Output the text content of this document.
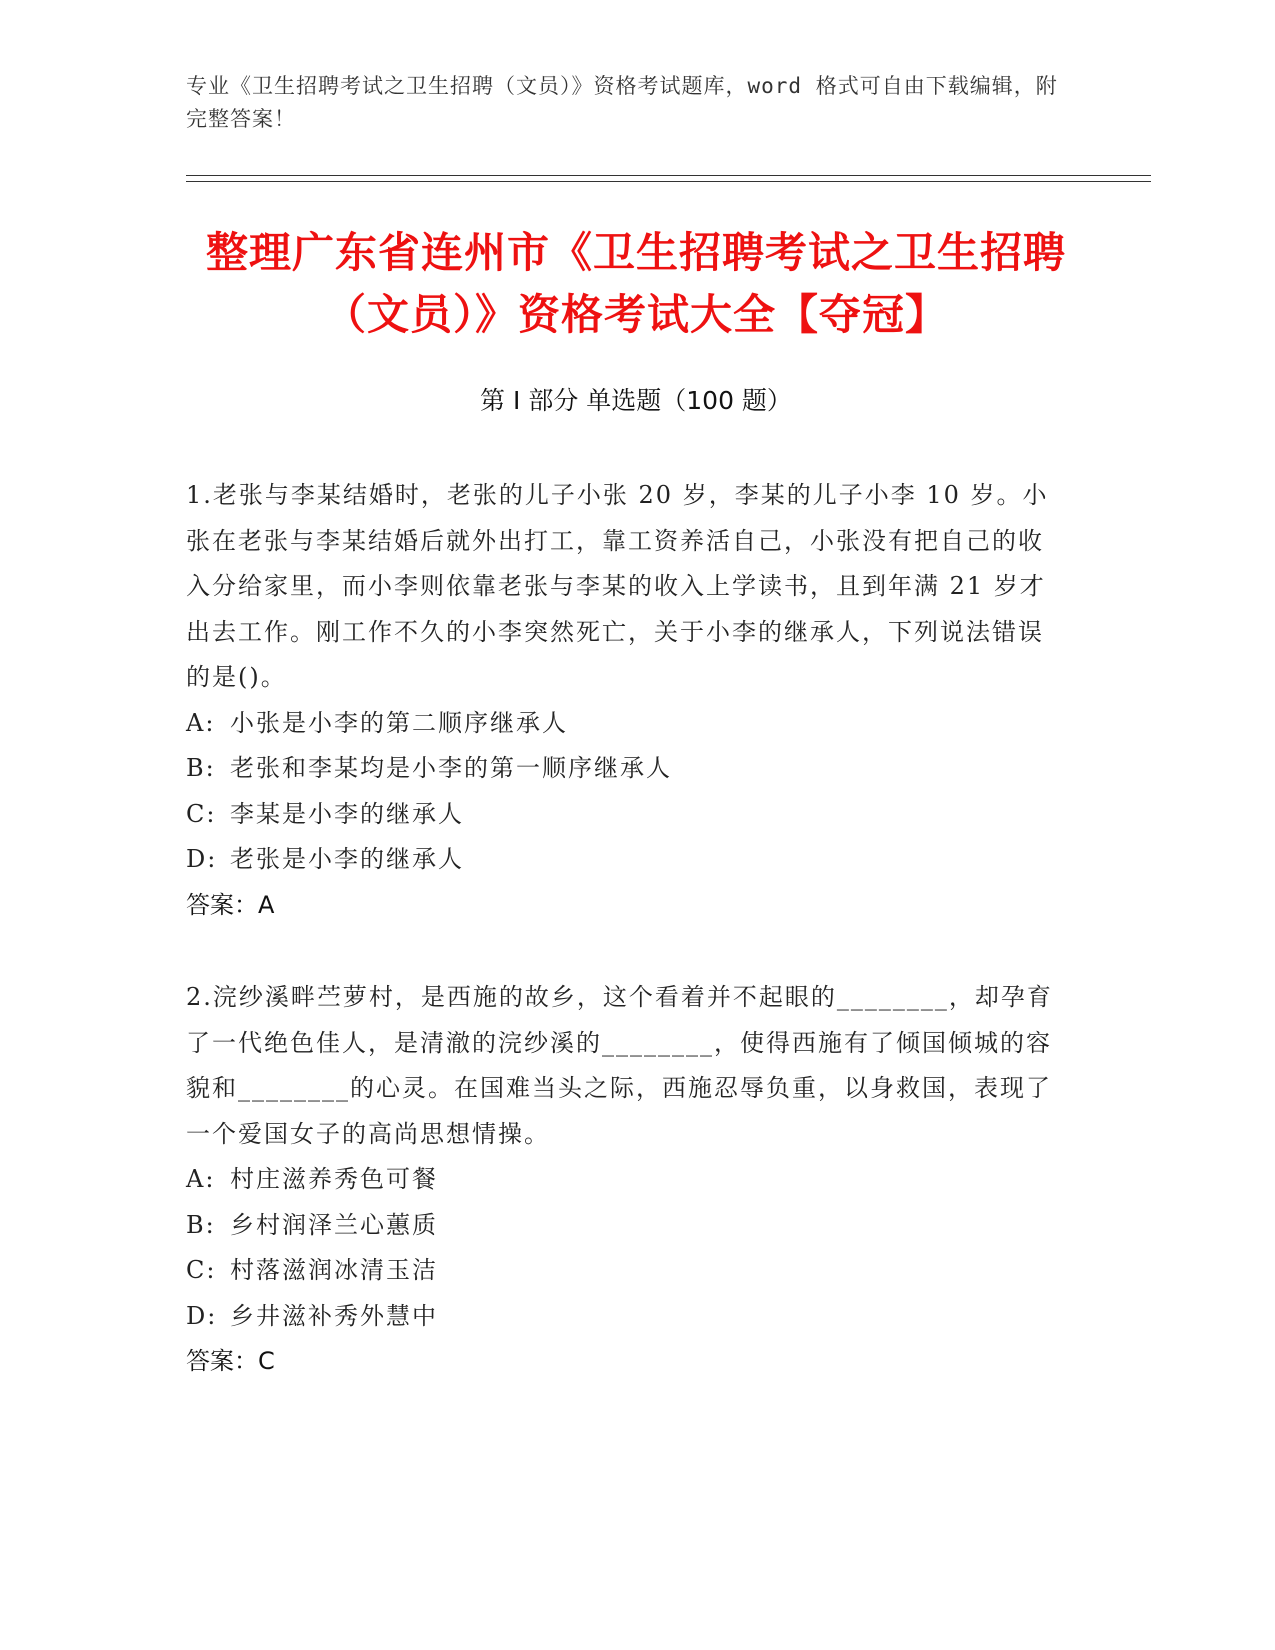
专业《卫生招聘考试之卫生招聘（文员）》资格考试题库，word 格式可自由下载编辑，附完整答案！
整理广东省连州市《卫生招聘考试之卫生招聘（文员）》资格考试大全【夺冠】
第 I 部分 单选题（100 题）
1.老张与李某结婚时，老张的儿子小张 20 岁，李某的儿子小李 10 岁。小张在老张与李某结婚后就外出打工，靠工资养活自己，小张没有把自己的收入分给家里，而小李则依靠老张与李某的收入上学读书，且到年满 21 岁才出去工作。刚工作不久的小李突然死亡，关于小李的继承人，下列说法错误的是()。
A: 小张是小李的第二顺序继承人
B: 老张和李某均是小李的第一顺序继承人
C: 李某是小李的继承人
D: 老张是小李的继承人
答案：A
2.浣纱溪畔苎萝村，是西施的故乡，这个看着并不起眼的________，却孕育了一代绝色佳人，是清澈的浣纱溪的________，使得西施有了倾国倾城的容貌和________的心灵。在国难当头之际，西施忍辱负重，以身救国，表现了一个爱国女子的高尚思想情操。
A: 村庄滋养秀色可餐
B: 乡村润泽兰心蕙质
C: 村落滋润冰清玉洁
D: 乡井滋补秀外慧中
答案：C
